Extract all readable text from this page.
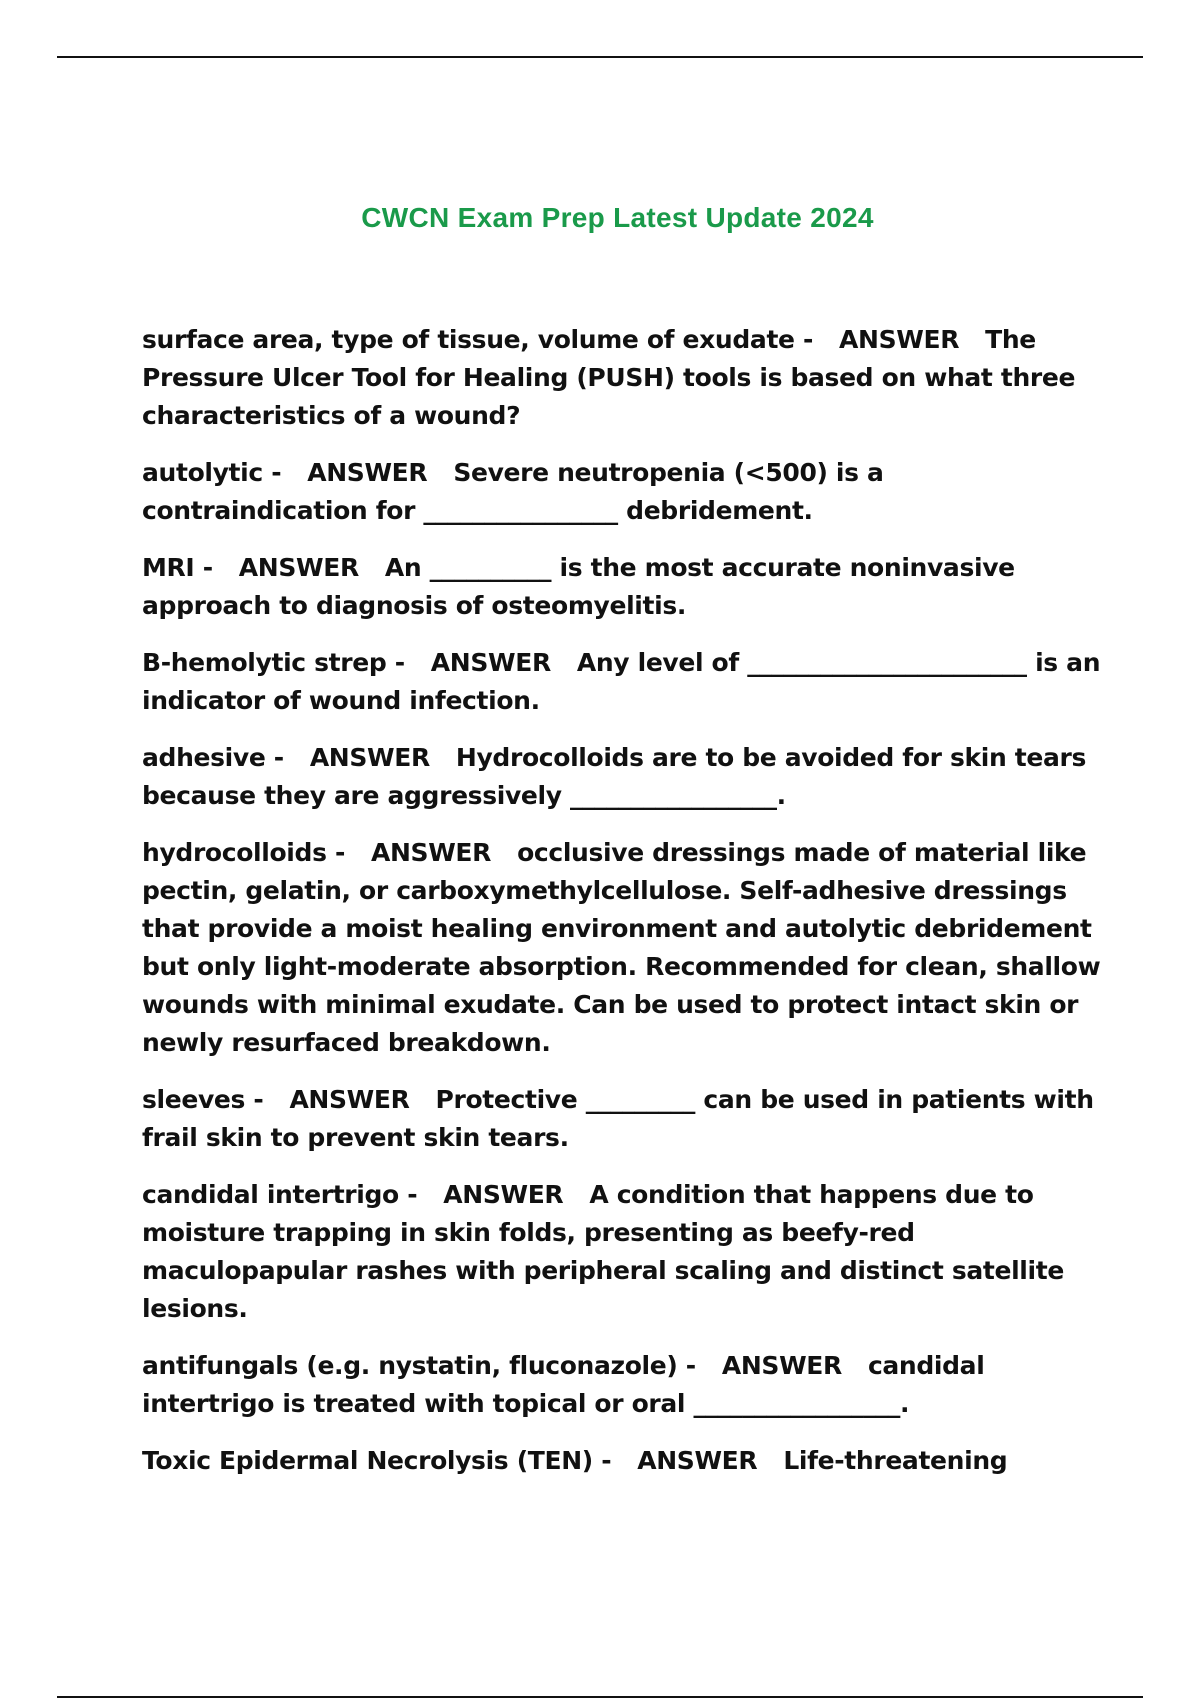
CWCN Exam Prep Latest Update 2024

surface area, type of tissue, volume of exudate - ANSWER The Pressure Ulcer Tool for Healing (PUSH) tools is based on what three characteristics of a wound?

autolytic - ANSWER Severe neutropenia (<500) is a contraindication for ________________ debridement.

MRI - ANSWER An __________ is the most accurate noninvasive approach to diagnosis of osteomyelitis.

B-hemolytic strep - ANSWER Any level of _______________________ is an indicator of wound infection.

adhesive - ANSWER Hydrocolloids are to be avoided for skin tears because they are aggressively _________________.

hydrocolloids - ANSWER occlusive dressings made of material like pectin, gelatin, or carboxymethylcellulose. Self-adhesive dressings that provide a moist healing environment and autolytic debridement but only light-moderate absorption. Recommended for clean, shallow wounds with minimal exudate. Can be used to protect intact skin or newly resurfaced breakdown.

sleeves - ANSWER Protective _________ can be used in patients with frail skin to prevent skin tears.

candidal intertrigo - ANSWER A condition that happens due to moisture trapping in skin folds, presenting as beefy-red maculopapular rashes with peripheral scaling and distinct satellite lesions.

antifungals (e.g. nystatin, fluconazole) - ANSWER candidal intertrigo is treated with topical or oral _________________.

Toxic Epidermal Necrolysis (TEN) - ANSWER Life-threatening
